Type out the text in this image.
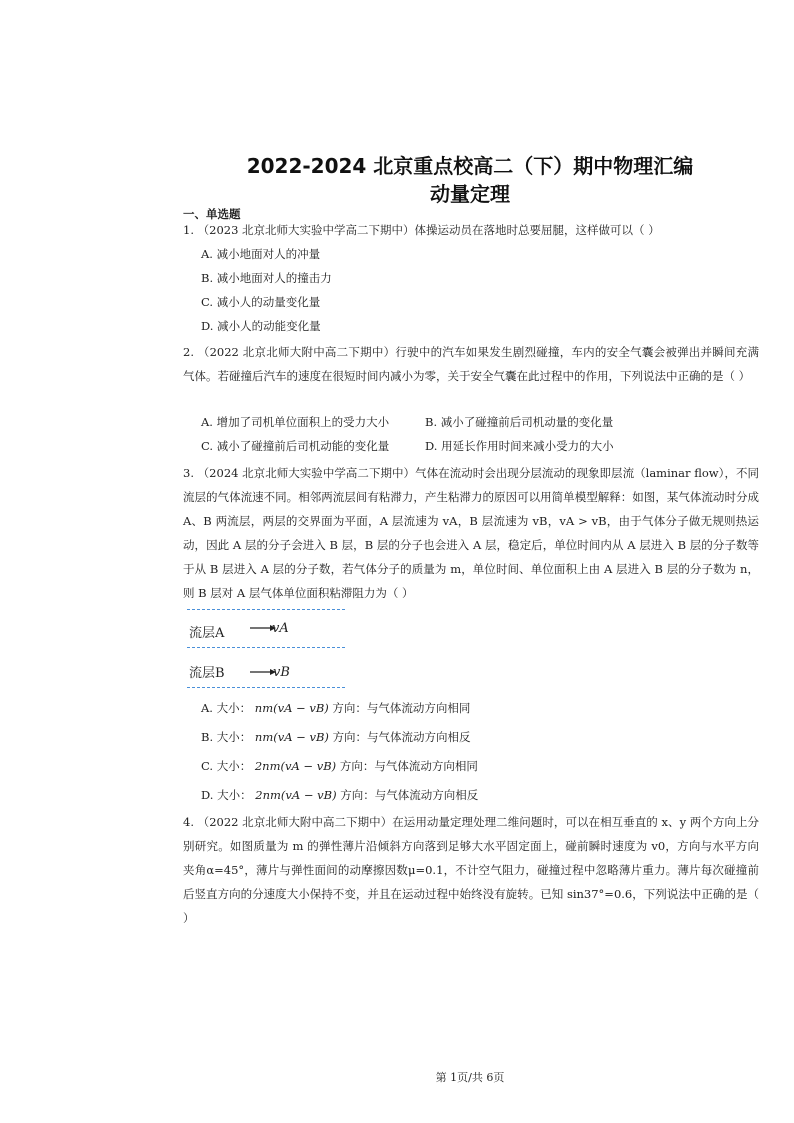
2022-2024 北京重点校高二（下）期中物理汇编
动量定理
一、单选题
1. （2023 北京北师大实验中学高二下期中）体操运动员在落地时总要屈腿，这样做可以（ ）
A. 减小地面对人的冲量
B. 减小地面对人的撞击力
C. 减小人的动量变化量
D. 减小人的动能变化量
2. （2022 北京北师大附中高二下期中）行驶中的汽车如果发生剧烈碰撞，车内的安全气囊会被弹出并瞬间充满气体。若碰撞后汽车的速度在很短时间内减小为零，关于安全气囊在此过程中的作用，下列说法中正确的是（ ）
A. 增加了司机单位面积上的受力大小	B. 减小了碰撞前后司机动量的变化量
C. 减小了碰撞前后司机动能的变化量	D. 用延长作用时间来减小受力的大小
3. （2024 北京北师大实验中学高二下期中）气体在流动时会出现分层流动的现象即层流（laminar flow），不同流层的气体流速不同。相邻两流层间有粘滞力，产生粘滞力的原因可以用简单模型解释：如图，某气体流动时分成 A、B 两流层，两层的交界面为平面，A 层流速为 vA，B 层流速为 vB，vA > vB，由于气体分子做无规则热运动，因此 A 层的分子会进入 B 层，B 层的分子也会进入 A 层，稳定后，单位时间内从 A 层进入 B 层的分子数等于从 B 层进入 A 层的分子数，若气体分子的质量为 m，单位时间、单位面积上由 A 层进入 B 层的分子数为 n，则 B 层对 A 层气体单位面积粘滞阻力为（ ）
流层A	vA
流层B	vB
A. 大小： nm(vA − vB) 方向：与气体流动方向相同
B. 大小： nm(vA − vB) 方向：与气体流动方向相反
C. 大小： 2nm(vA − vB) 方向：与气体流动方向相同
D. 大小： 2nm(vA − vB) 方向：与气体流动方向相反
4. （2022 北京北师大附中高二下期中）在运用动量定理处理二维问题时，可以在相互垂直的 x、y 两个方向上分别研究。如图质量为 m 的弹性薄片沿倾斜方向落到足够大水平固定面上，碰前瞬时速度为 v0，方向与水平方向夹角α=45°，薄片与弹性面间的动摩擦因数μ=0.1，不计空气阻力，碰撞过程中忽略薄片重力。薄片每次碰撞前后竖直方向的分速度大小保持不变，并且在运动过程中始终没有旋转。已知 sin37°=0.6，下列说法中正确的是（ ）
第 1页/共 6页
